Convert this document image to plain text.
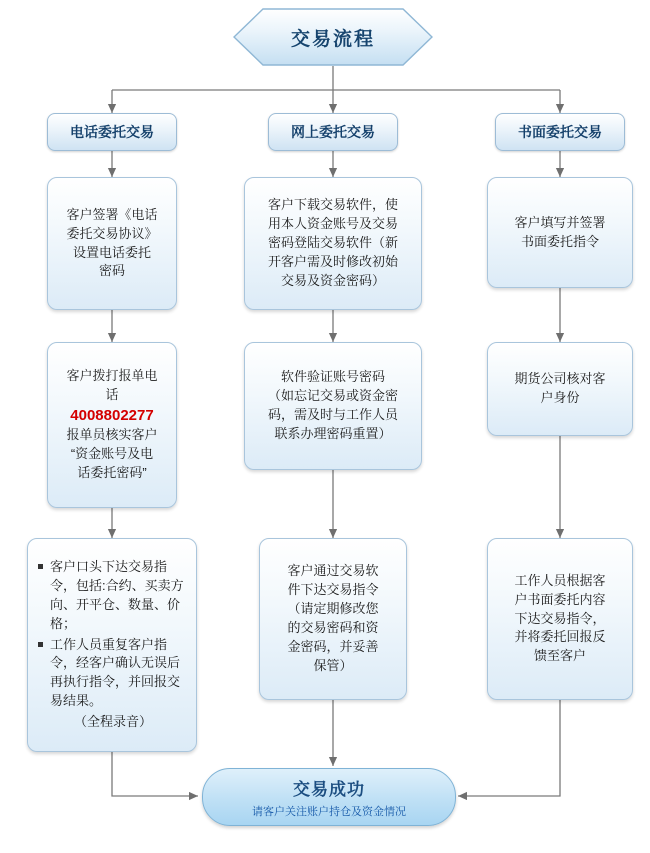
交易流程
电话委托交易	网上委托交易	书面委托交易

客户签署《电话

委托交易协议》

设置电话委托

密码

客户拨打报单电

话

4008802277

报单员核实客户

“资金账号及电

话委托密码”

客户口头下达交易指令，包括:合约、买卖方向、开平仓、数量、价格；
工作人员重复客户指令，经客户确认无误后再执行指令，并回报交易结果。

（全程录音）

客户下载交易软件，使

用本人资金账号及交易

密码登陆交易软件（新

开客户需及时修改初始

交易及资金密码）

软件验证账号密码

（如忘记交易或资金密

码，需及时与工作人员

联系办理密码重置）

客户通过交易软

件下达交易指令

（请定期修改您

的交易密码和资

金密码，并妥善

保管）

客户填写并签署

书面委托指令

期货公司核对客

户身份

工作人员根据客

户书面委托内容

下达交易指令，

并将委托回报反

馈至客户

交易成功
请客户关注账户持仓及资金情况
